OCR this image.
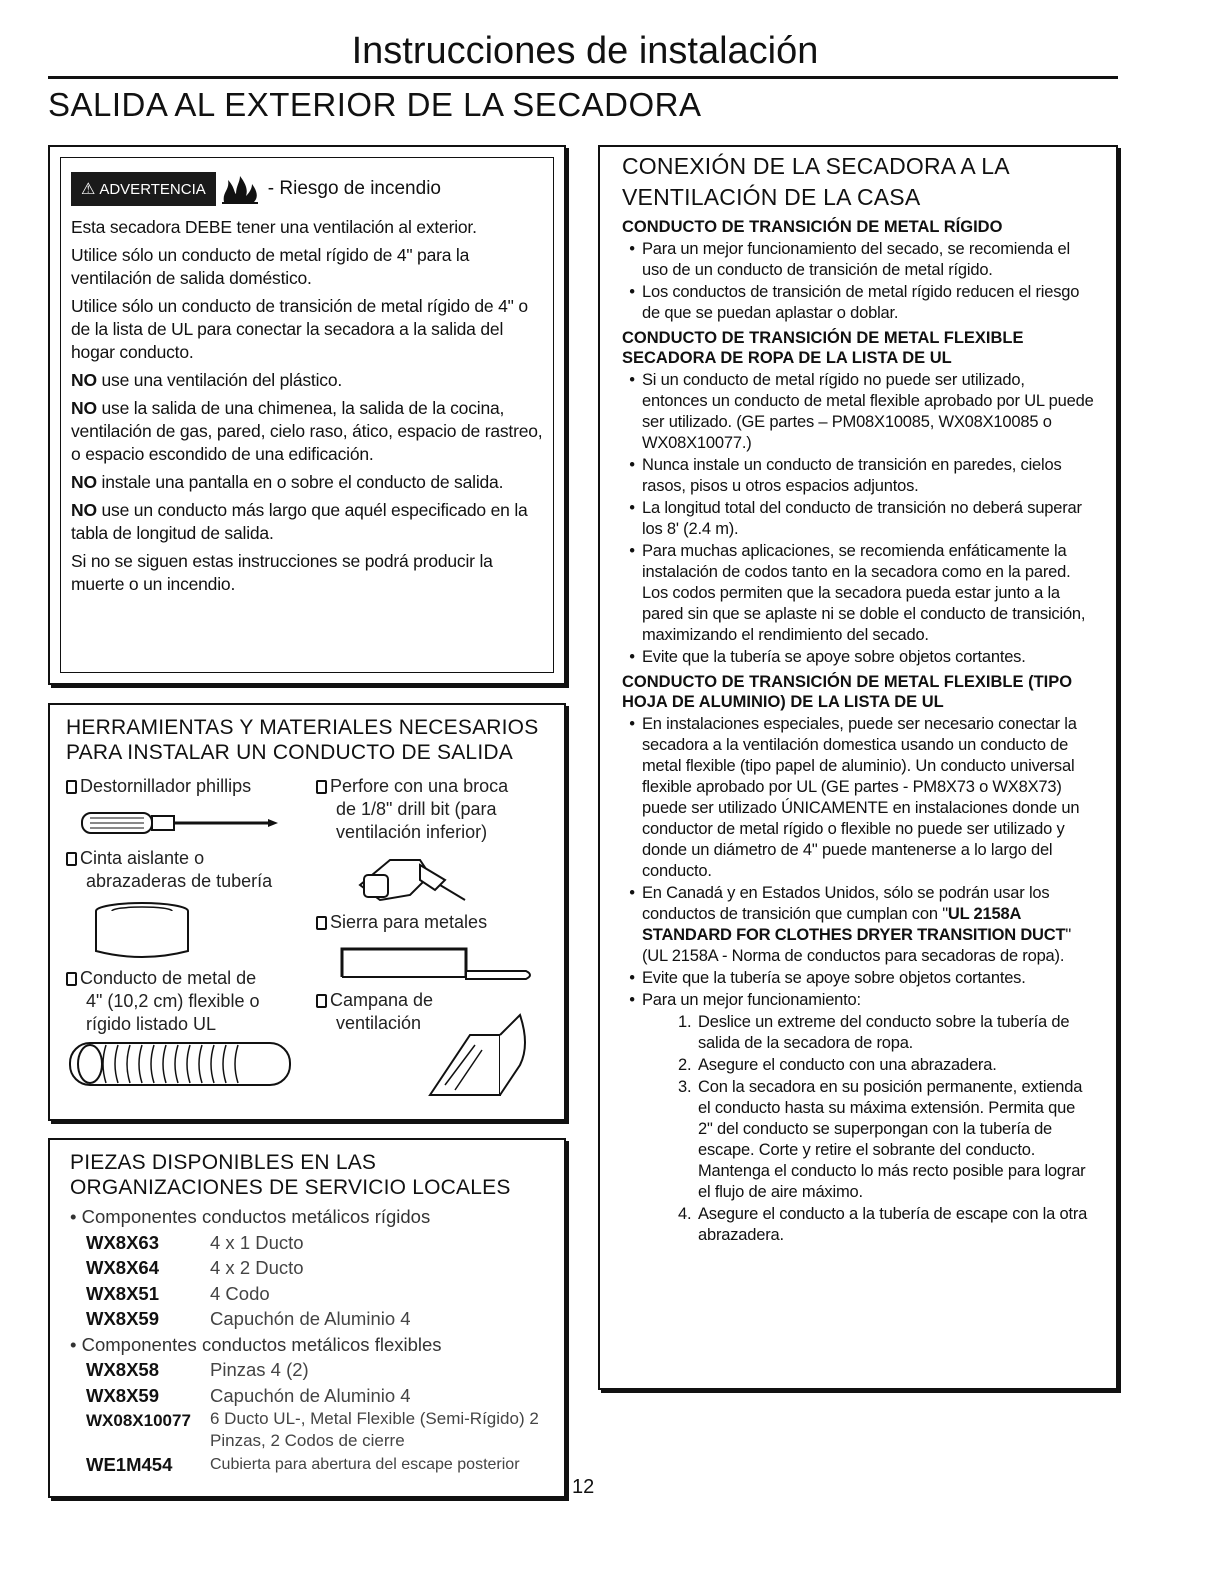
Instrucciones de instalación
SALIDA AL EXTERIOR DE LA SECADORA
⚠ ADVERTENCIA	- Riesgo de incendio

Esta secadora DEBE tener una ventilación al exterior.

Utilice sólo un conducto de metal rígido de 4" para la ventilación de salida doméstico.

Utilice sólo un conducto de transición de metal rígido de 4" o de la lista de UL para conectar la secadora a la salida del hogar conducto.

NO use una ventilación del plástico.

NO use la salida de una chimenea, la salida de la cocina, ventilación de gas, pared, cielo raso, ático, espacio de rastreo, o espacio escondido de una edificación.

NO instale una pantalla en o sobre el conducto de salida.

NO use un conducto más largo que aquél especificado en la tabla de longitud de salida.

Si no se siguen estas instrucciones se podrá producir la muerte o un incendio.

HERRAMIENTAS Y MATERIALES NECESARIOS
PARA INSTALAR UN CONDUCTO DE SALIDA
Destornillador phillips	Perfore con una broca
de 1/8" drill bit (para
ventilación inferior)
Cinta aislante o
abrazaderas de tubería
Sierra para metales
Conducto de metal de
4" (10,2 cm) flexible o
rígido listado UL
Campana de
ventilación
PIEZAS DISPONIBLES EN LAS
ORGANIZACIONES DE SERVICIO LOCALES
• Componentes conductos metálicos rígidos
WX8X63	4 x 1 Ducto
WX8X64	4 x 2 Ducto
WX8X51	4 Codo
WX8X59	Capuchón de Aluminio 4
• Componentes conductos metálicos flexibles
WX8X58	Pinzas 4 (2)
WX8X59	Capuchón de Aluminio 4
WX08X10077	6 Ducto UL-, Metal Flexible (Semi-Rígido) 2 Pinzas, 2 Codos de cierre
WE1M454	Cubierta para abertura del escape posterior
12
CONEXIÓN DE LA SECADORA A LA
VENTILACIÓN DE LA CASA
CONDUCTO DE TRANSICIÓN DE METAL RÍGIDO
• Para un mejor funcionamiento del secado, se recomienda el uso de un conducto de transición de metal rígido.
• Los conductos de transición de metal rígido reducen el riesgo de que se puedan aplastar o doblar.
CONDUCTO DE TRANSICIÓN DE METAL FLEXIBLE SECADORA DE ROPA DE LA LISTA DE UL
• Si un conducto de metal rígido no puede ser utilizado, entonces un conducto de metal flexible aprobado por UL puede ser utilizado. (GE partes – PM08X10085, WX08X10085 o WX08X10077.)
• Nunca instale un conducto de transición en paredes, cielos rasos, pisos u otros espacios adjuntos.
• La longitud total del conducto de transición no deberá superar los 8' (2.4 m).
• Para muchas aplicaciones, se recomienda enfáticamente la instalación de codos tanto en la secadora como en la pared. Los codos permiten que la secadora pueda estar junto a la pared sin que se aplaste ni se doble el conducto de transición, maximizando el rendimiento del secado.
• Evite que la tubería se apoye sobre objetos cortantes.
CONDUCTO DE TRANSICIÓN DE METAL FLEXIBLE (TIPO HOJA DE ALUMINIO) DE LA LISTA DE UL
• En instalaciones especiales, puede ser necesario conectar la secadora a la ventilación domestica usando un conducto de metal flexible (tipo papel de aluminio). Un conducto universal flexible aprobado por UL (GE partes - PM8X73 o WX8X73) puede ser utilizado ÚNICAMENTE en instalaciones donde un conductor de metal rígido o flexible no puede ser utilizado y donde un diámetro de 4" puede mantenerse a lo largo del conducto.
• En Canadá y en Estados Unidos, sólo se podrán usar los conductos de transición que cumplan con "UL 2158A STANDARD FOR CLOTHES DRYER TRANSITION DUCT" (UL 2158A - Norma de conductos para secadoras de ropa).
• Evite que la tubería se apoye sobre objetos cortantes.
• Para un mejor funcionamiento:
1. Deslice un extreme del conducto sobre la tubería de salida de la secadora de ropa.
2. Asegure el conducto con una abrazadera.
3. Con la secadora en su posición permanente, extienda el conducto hasta su máxima extensión. Permita que 2" del conducto se superpongan con la tubería de escape. Corte y retire el sobrante del conducto. Mantenga el conducto lo más recto posible para lograr el flujo de aire máximo.
4. Asegure el conducto a la tubería de escape con la otra abrazadera.
